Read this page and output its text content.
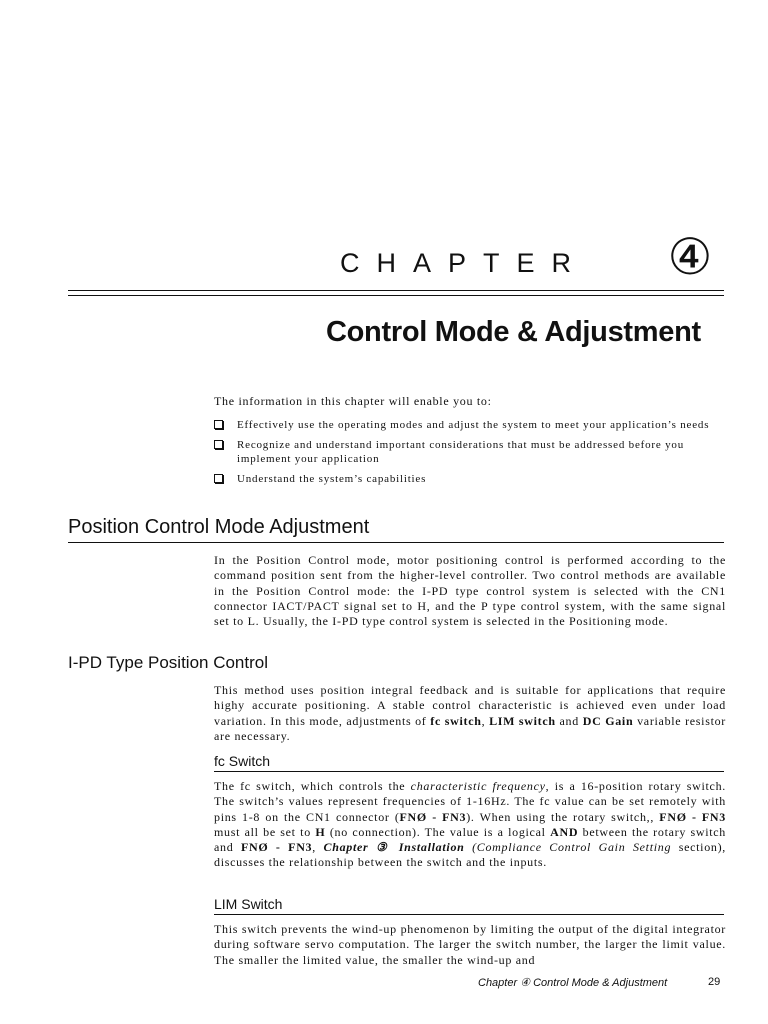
CHAPTER ④
Control Mode & Adjustment
The information in this chapter will enable you to:
Effectively use the operating modes and adjust the system to meet your application’s needs
Recognize and understand important considerations that must be addressed before you implement your application
Understand the system’s capabilities
Position Control Mode Adjustment
In the Position Control mode, motor positioning control is performed according to the command position sent from the higher-level controller. Two control methods are available in the Position Control mode: the I-PD type control system is selected with the CN1 connector IACT/PACT signal set to H, and the P type control system, with the same signal set to L. Usually, the I-PD type control system is selected in the Positioning mode.
I-PD Type Position Control
This method uses position integral feedback and is suitable for applications that require highy accurate positioning. A stable control characteristic is achieved even under load variation. In this mode, adjustments of fc switch, LIM switch and DC Gain variable resistor are necessary.
fc Switch
The fc switch, which controls the characteristic frequency, is a 16-position rotary switch. The switch’s values represent frequencies of 1-16Hz. The fc value can be set remotely with pins 1-8 on the CN1 connector (FNØ - FN3). When using the rotary switch,, FNØ - FN3 must all be set to H (no connection). The value is a logical AND between the rotary switch and FNØ - FN3, Chapter ③ Installation (Compliance Control Gain Setting section), discusses the relationship between the switch and the inputs.
LIM Switch
This switch prevents the wind-up phenomenon by limiting the output of the digital integrator during software servo computation. The larger the switch number, the larger the limit value. The smaller the limited value, the smaller the wind-up and
Chapter ④ Control Mode & Adjustment	29
